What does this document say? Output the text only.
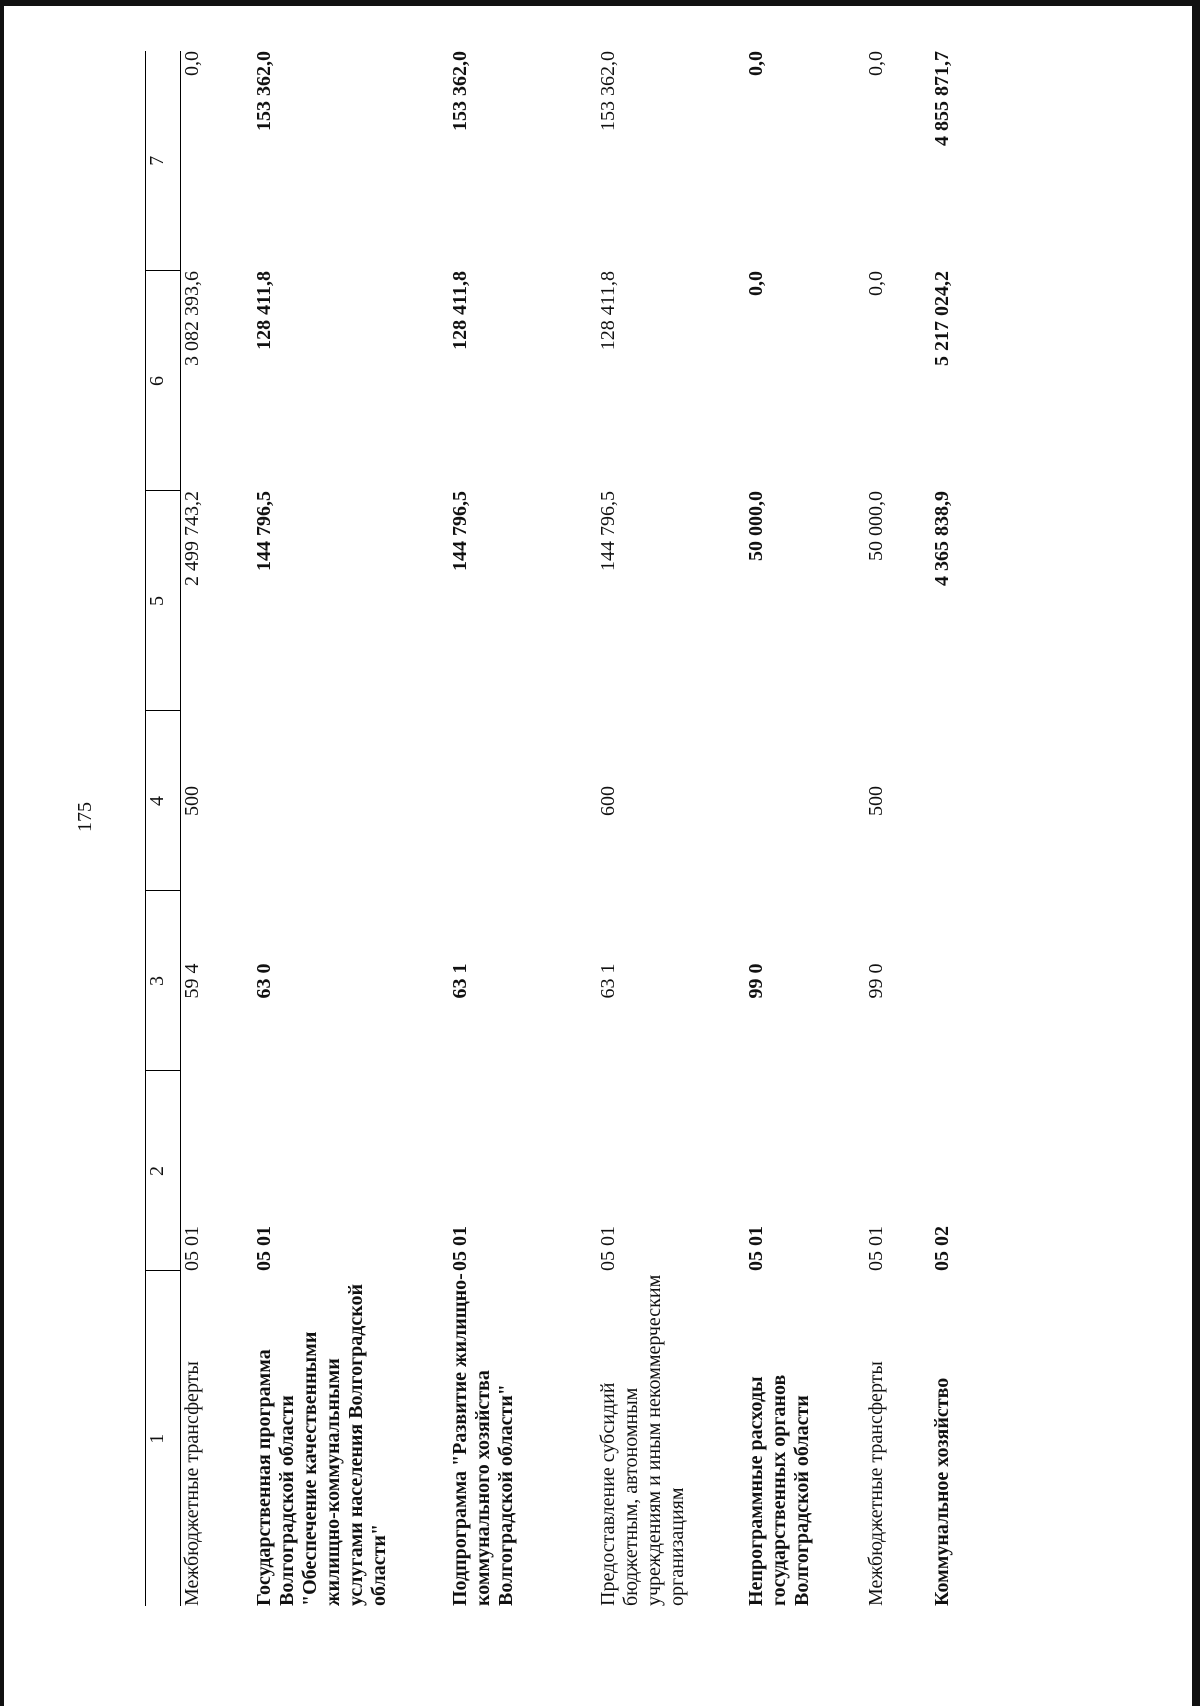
175
1	2	3	4	5	6	7
Межбюджетные трансферты	05 01	59 4	500	2 499 743,2	3 082 393,6	0,0
Государственная программа Волгоградской области "Обеспечение качественными жилищно-коммунальными услугами населения Волгоградской области"	05 01	63 0		144 796,5	128 411,8	153 362,0
Подпрограмма "Развитие жилищно-коммунального хозяйства Волгоградской области"	05 01	63 1		144 796,5	128 411,8	153 362,0
Предоставление субсидий бюджетным, автономным учреждениям и иным некоммерческим организациям	05 01	63 1	600	144 796,5	128 411,8	153 362,0
Непрограммные расходы государственных органов Волгоградской области	05 01	99 0		50 000,0	0,0	0,0
Межбюджетные трансферты	05 01	99 0	500	50 000,0	0,0	0,0
Коммунальное хозяйство	05 02			4 365 838,9	5 217 024,2	4 855 871,7
